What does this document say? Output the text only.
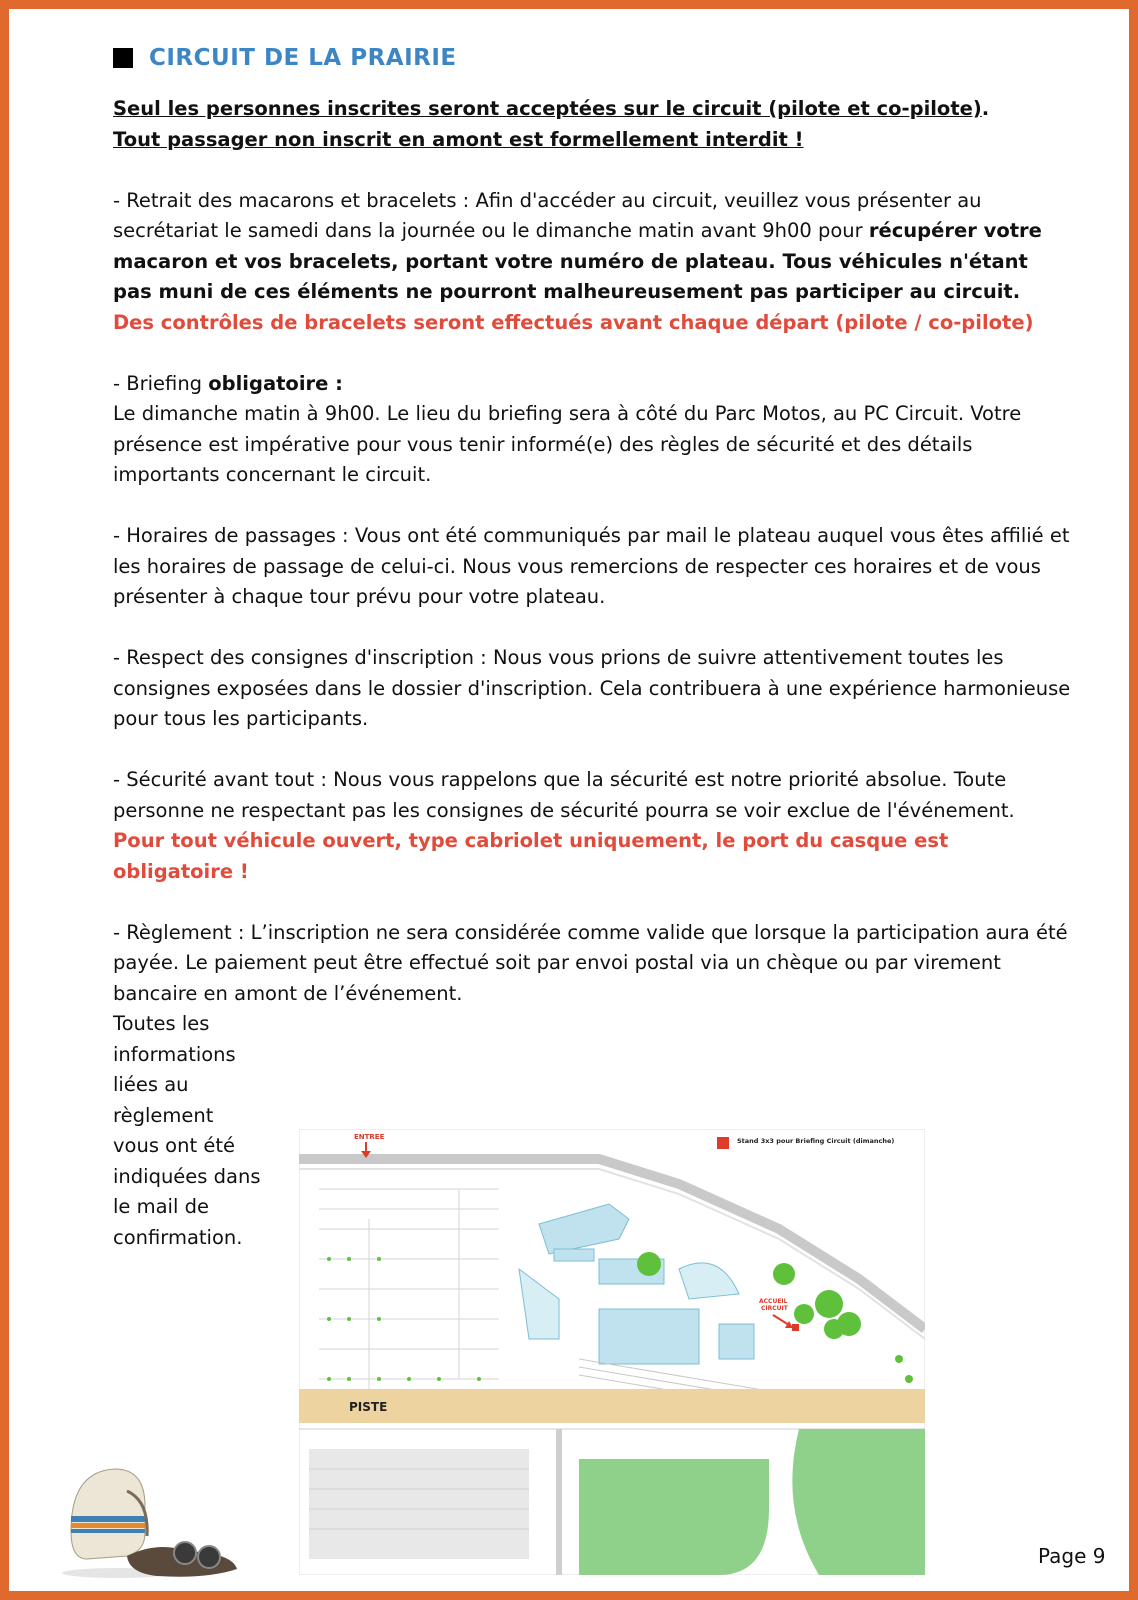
CIRCUIT DE LA PRAIRIE

Seul les personnes inscrites seront acceptées sur le circuit (pilote et co-pilote).

Tout passager non inscrit en amont est formellement interdit !

- Retrait des macarons et bracelets : Afin d'accéder au circuit, veuillez vous présenter au secrétariat le samedi dans la journée ou le dimanche matin avant 9h00 pour récupérer votre macaron et vos bracelets, portant votre numéro de plateau. Tous véhicules n'étant pas muni de ces éléments ne pourront malheureusement pas participer au circuit.

Des contrôles de bracelets seront effectués avant chaque départ (pilote / co-pilote)

- Briefing obligatoire :

Le dimanche matin à 9h00. Le lieu du briefing sera à côté du Parc Motos, au PC Circuit. Votre présence est impérative pour vous tenir informé(e) des règles de sécurité et des détails importants concernant le circuit.

- Horaires de passages : Vous ont été communiqués par mail le plateau auquel vous êtes affilié et les horaires de passage de celui-ci. Nous vous remercions de respecter ces horaires et de vous présenter à chaque tour prévu pour votre plateau.

- Respect des consignes d'inscription : Nous vous prions de suivre attentivement toutes les consignes exposées dans le dossier d'inscription. Cela contribuera à une expérience harmonieuse pour tous les participants.

- Sécurité avant tout : Nous vous rappelons que la sécurité est notre priorité absolue. Toute personne ne respectant pas les consignes de sécurité pourra se voir exclue de l'événement.

Pour tout véhicule ouvert, type cabriolet uniquement, le port du casque est obligatoire !

- Règlement : L’inscription ne sera considérée comme valide que lorsque la participation aura été payée. Le paiement peut être effectué soit par envoi postal via un chèque ou par virement bancaire en amont de l’événement.

Toutes les informations liées au règlement vous ont été indiquées dans le mail de confirmation.

PISTE
ENTREE	Stand 3x3 pour Briefing Circuit (dimanche)
ACCUEIL
CIRCUIT
Page 9
